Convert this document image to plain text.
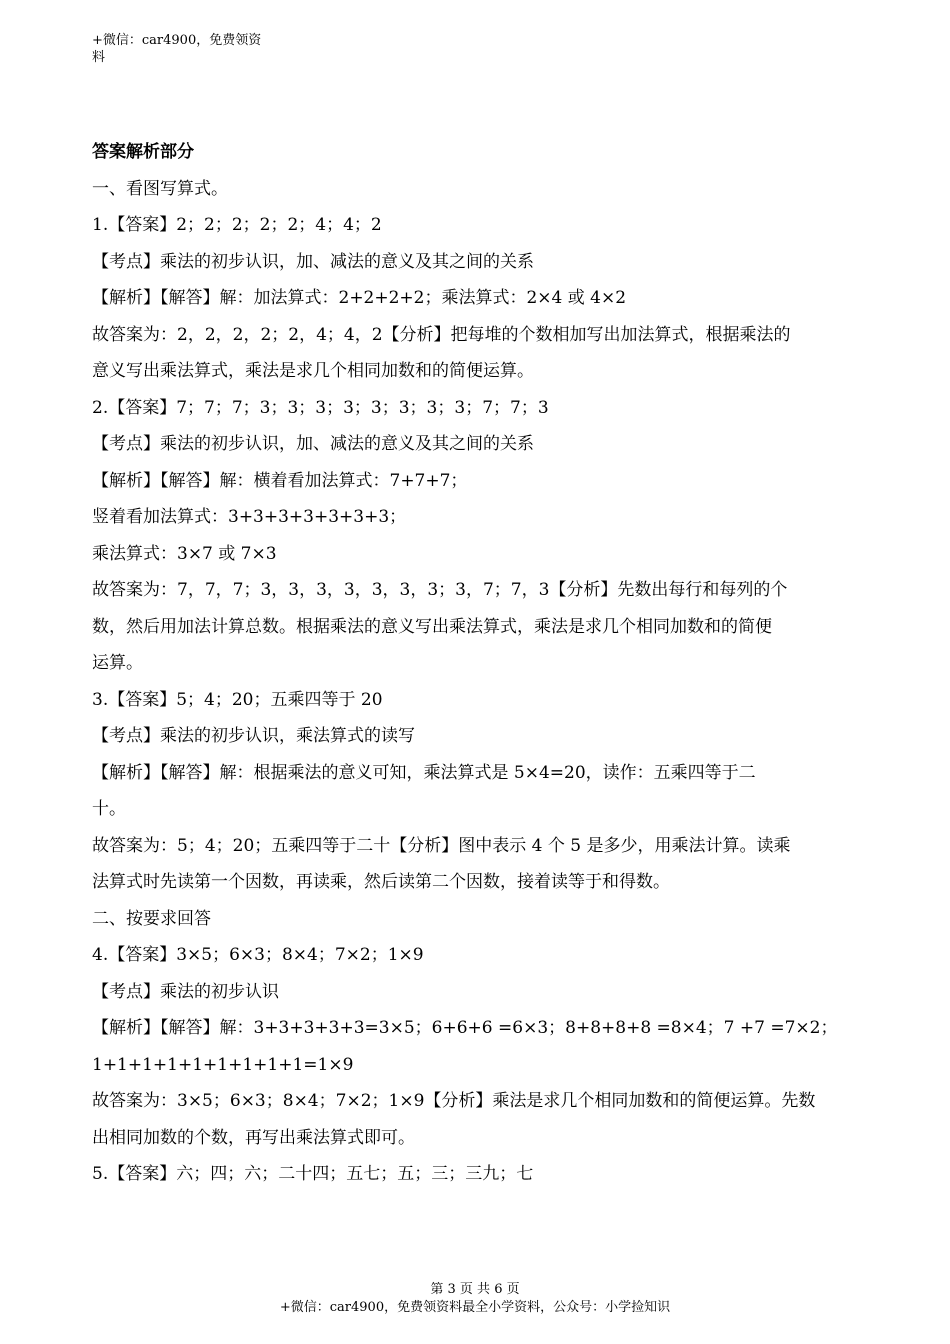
+微信：car4900，免费领资
料

答案解析部分

一、看图写算式。

1.【答案】2；2；2；2；2；4；4；2

【考点】乘法的初步认识，加、减法的意义及其之间的关系

【解析】【解答】解：加法算式：2+2+2+2；乘法算式：2×4 或 4×2

故答案为：2，2，2，2；2，4；4，2【分析】把每堆的个数相加写出加法算式，根据乘法的

意义写出乘法算式，乘法是求几个相同加数和的简便运算。

2.【答案】7；7；7；3；3；3；3；3；3；3；3；7；7；3

【考点】乘法的初步认识，加、减法的意义及其之间的关系

【解析】【解答】解：横着看加法算式：7+7+7；

竖着看加法算式：3+3+3+3+3+3+3；

乘法算式：3×7 或 7×3

故答案为：7，7，7；3，3，3，3，3，3，3；3，7；7，3【分析】先数出每行和每列的个

数，然后用加法计算总数。根据乘法的意义写出乘法算式，乘法是求几个相同加数和的简便

运算。

3.【答案】5；4；20；五乘四等于 20

【考点】乘法的初步认识，乘法算式的读写

【解析】【解答】解：根据乘法的意义可知，乘法算式是 5×4=20，读作：五乘四等于二

十。

故答案为：5；4；20；五乘四等于二十【分析】图中表示 4 个 5 是多少，用乘法计算。读乘

法算式时先读第一个因数，再读乘，然后读第二个因数，接着读等于和得数。

二、按要求回答

4.【答案】3×5；6×3；8×4；7×2；1×9

【考点】乘法的初步认识

【解析】【解答】解：3+3+3+3+3=3×5；6+6+6 =6×3；8+8+8+8 =8×4；7 +7 =7×2；

1+1+1+1+1+1+1+1+1=1×9

故答案为：3×5；6×3；8×4；7×2；1×9【分析】乘法是求几个相同加数和的简便运算。先数

出相同加数的个数，再写出乘法算式即可。

5.【答案】六；四；六；二十四；五七；五；三；三九；七

第 3 页 共 6 页
+微信：car4900，免费领资料最全小学资料，公众号：小学捡知识
